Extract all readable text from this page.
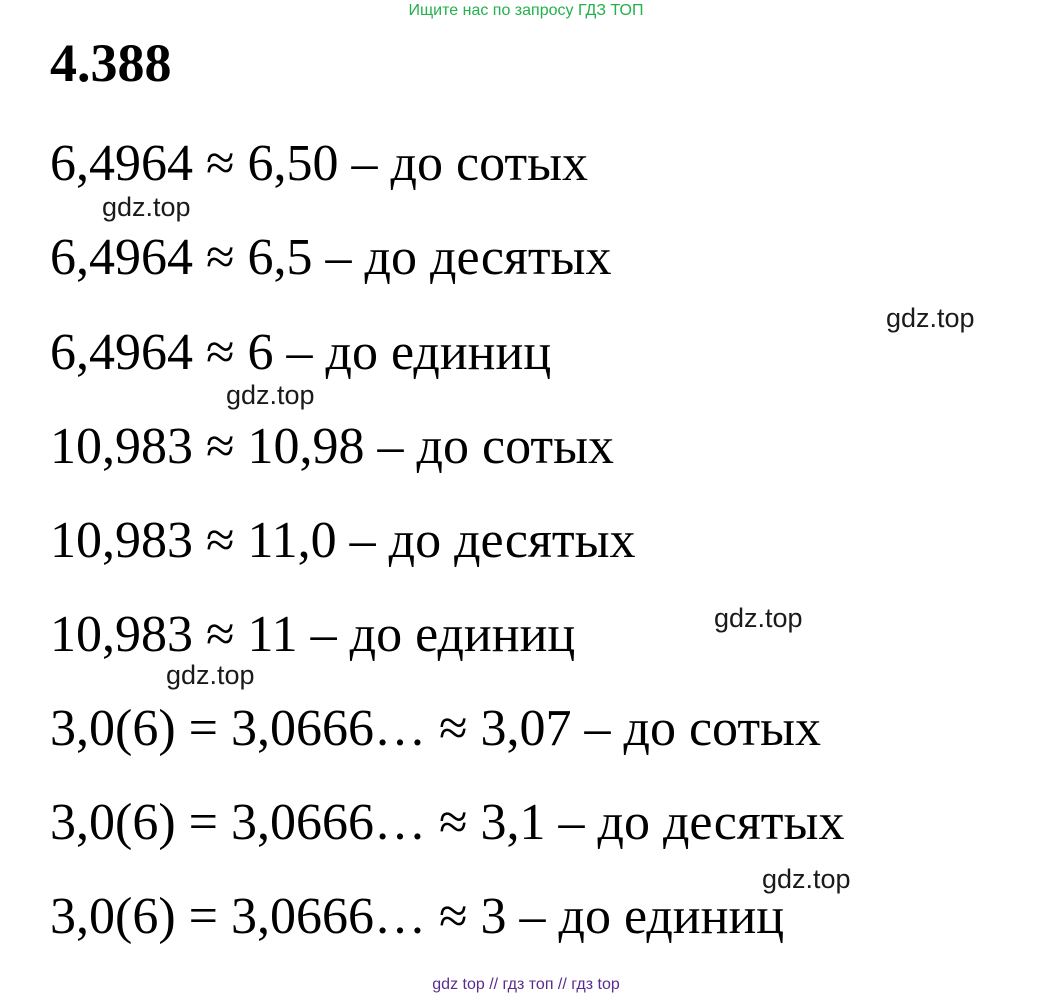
Ищите нас по запросу ГДЗ ТОП
4.388
6,4964 ≈ 6,50 – до сотых
6,4964 ≈ 6,5 – до десятых
6,4964 ≈ 6 – до единиц
10,983 ≈ 10,98 – до сотых
10,983 ≈ 11,0 – до десятых
10,983 ≈ 11 – до единиц
3,0(6) = 3,0666… ≈ 3,07 – до сотых
3,0(6) = 3,0666… ≈ 3,1 – до десятых
3,0(6) = 3,0666… ≈ 3 – до единиц
gdz.top
gdz.top
gdz.top
gdz.top
gdz.top
gdz.top
gdz top // гдз топ // гдз top
